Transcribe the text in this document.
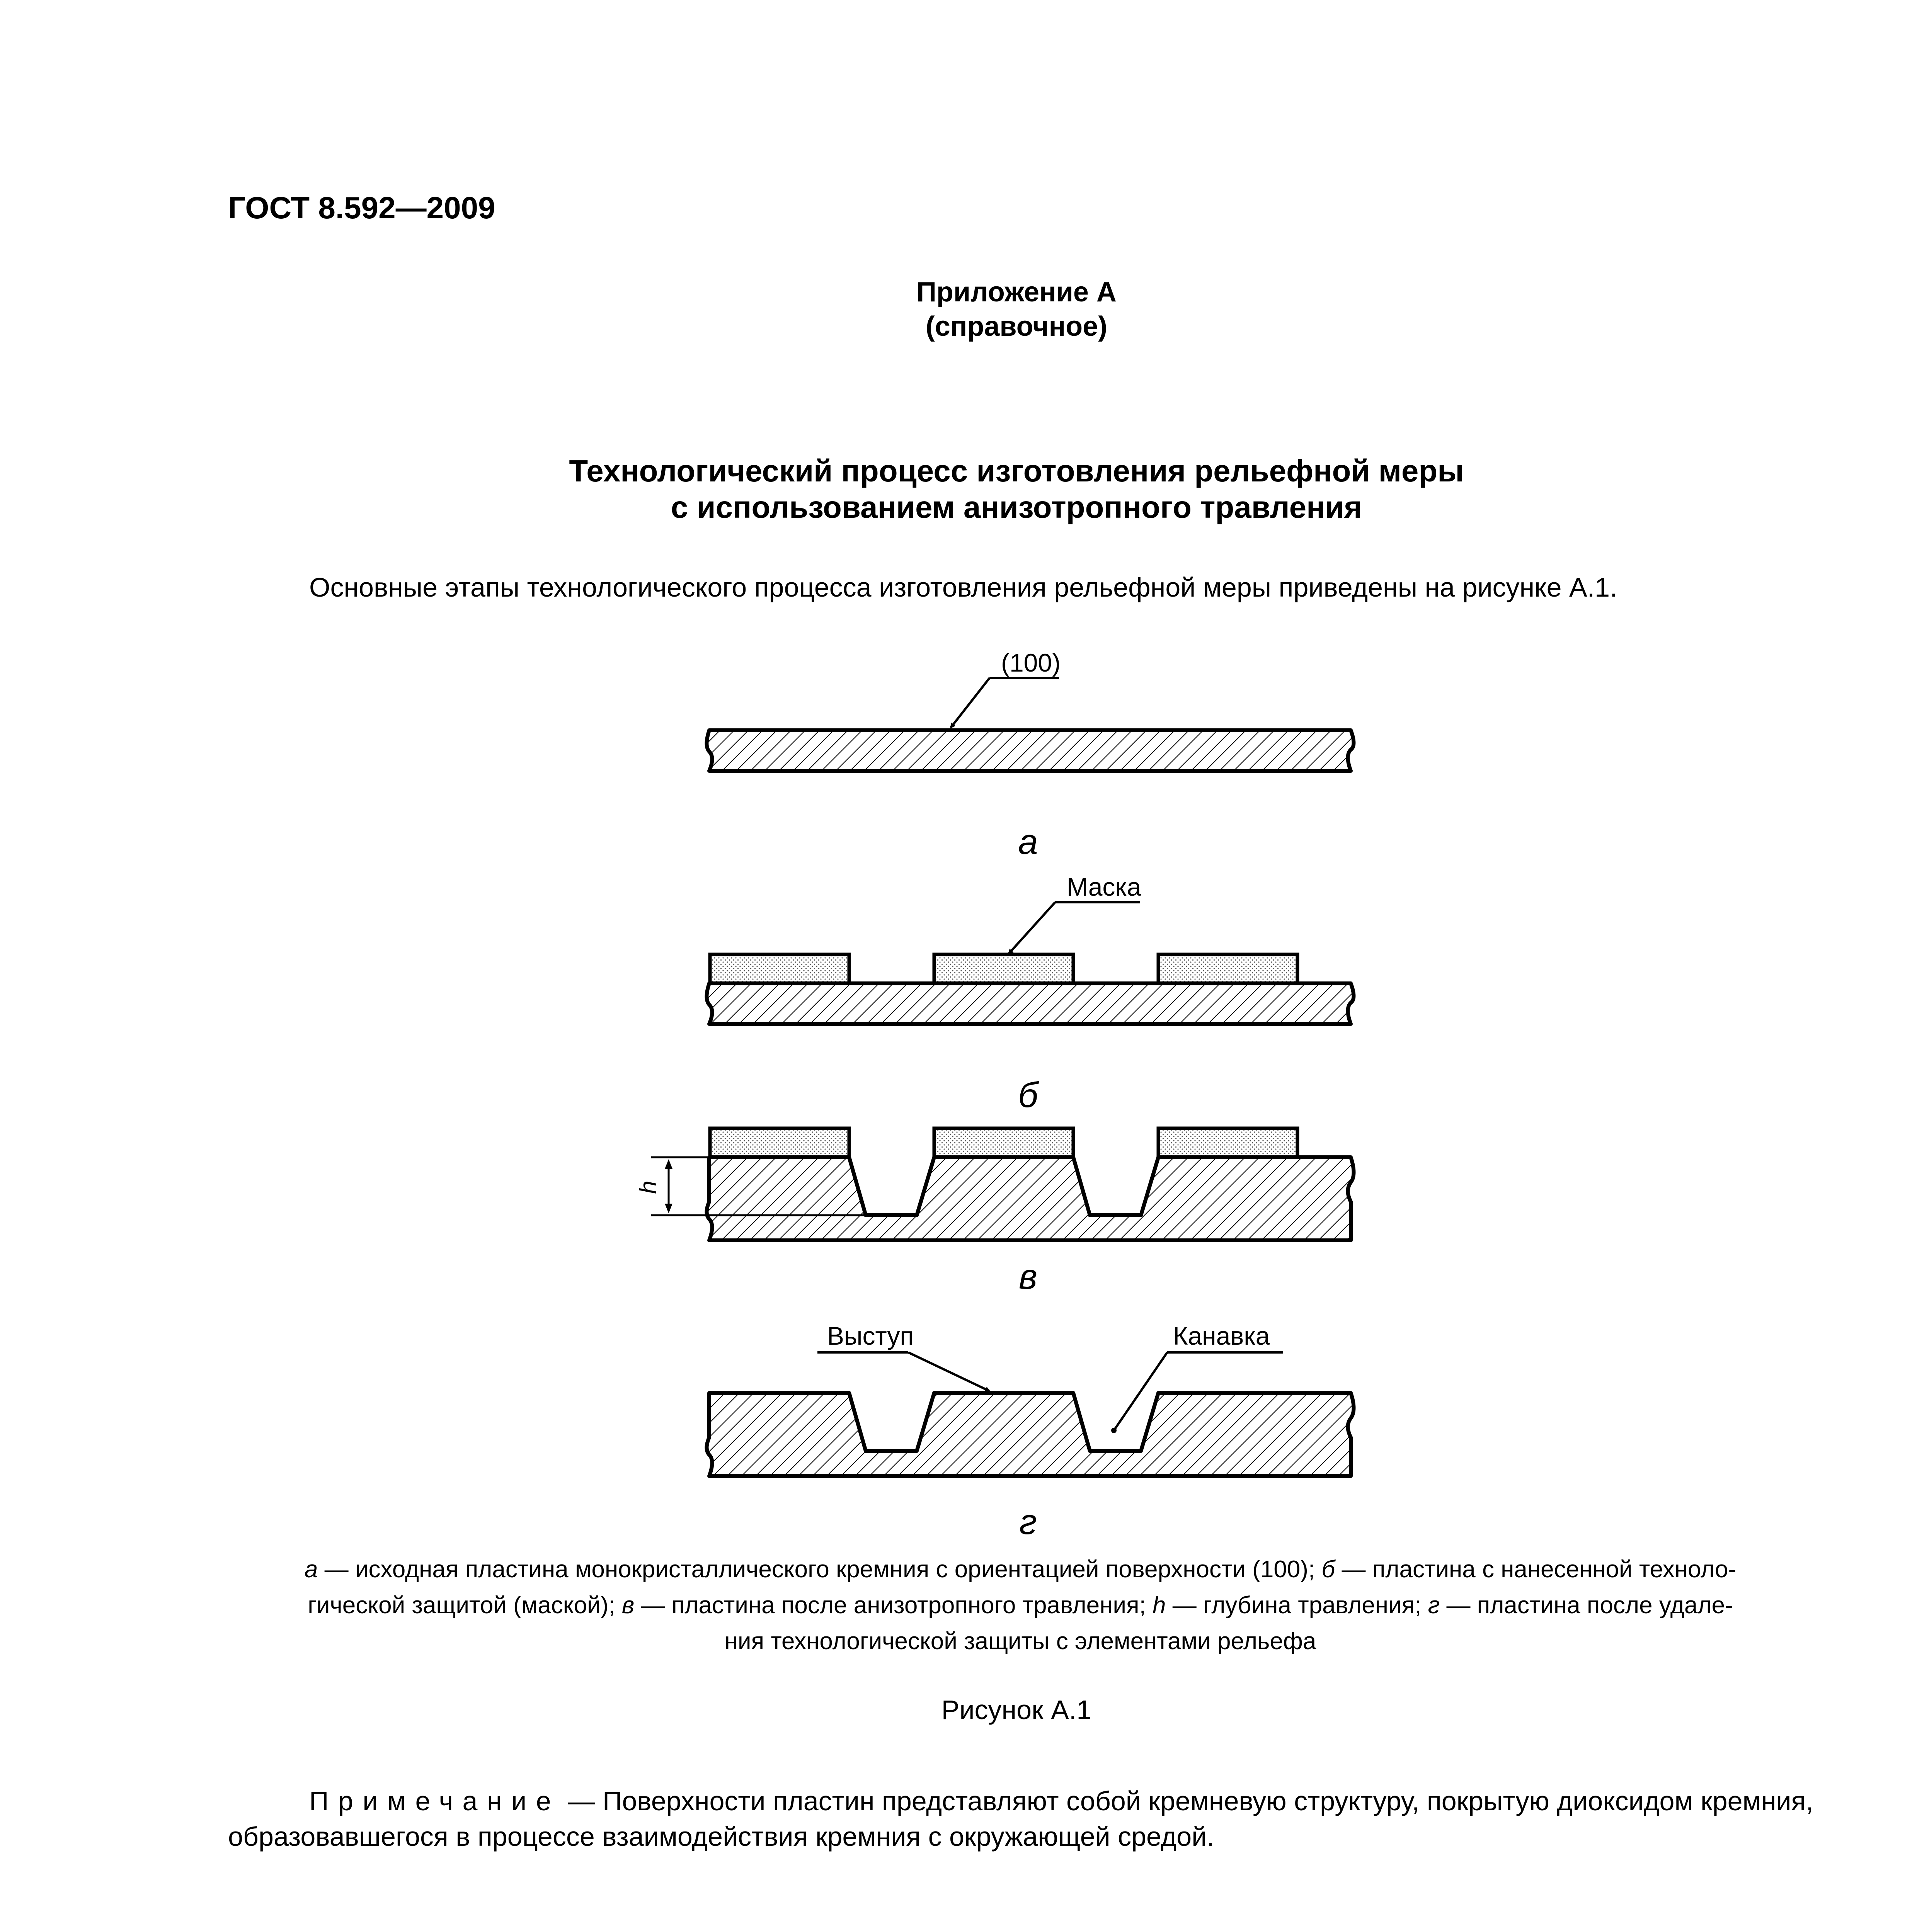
ГОСТ 8.592—2009
Приложение А
(справочное)
Технологический процесс изготовления рельефной меры
с использованием анизотропного травления
Основные этапы технологического процесса изготовления рельефной меры приведены на рисунке А.1.
(100)
а
Маска
б
h
в
Выступ	Канавка
г
а — исходная пластина монокристаллического кремния с ориентацией поверхности (100); б — пластина с нанесенной техноло-
гической защитой (маской); в — пластина после анизотропного травления; h — глубина травления; г — пластина после удале-
ния технологической защиты с элементами рельефа
Рисунок А.1
Примечание — Поверхности пластин представляют собой кремневую структуру, покрытую диоксидом кремния, образовавшегося в процессе взаимодействия кремния с окружающей средой.
